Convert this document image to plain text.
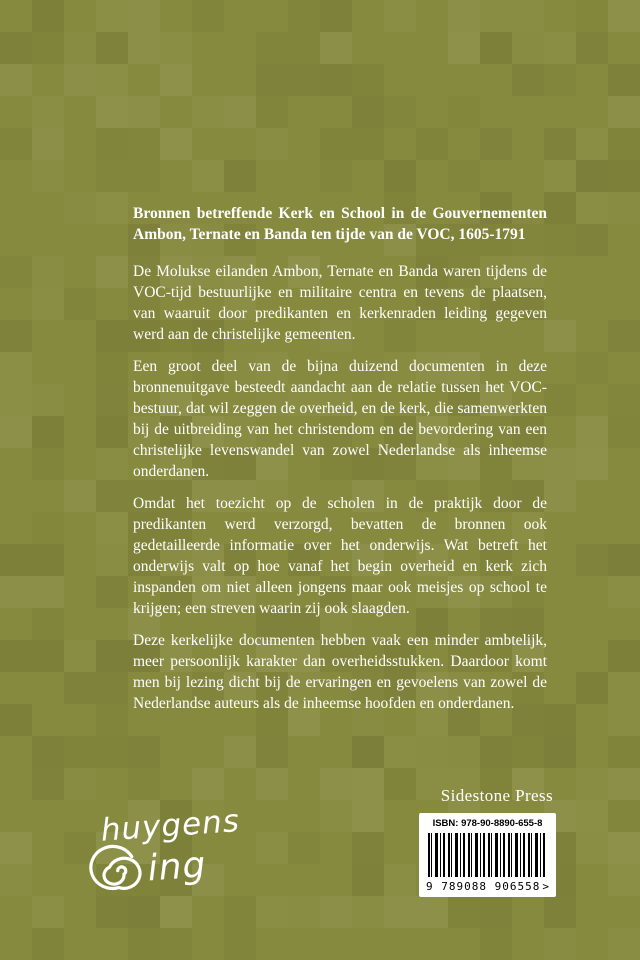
Bronnen betreffende Kerk en School in de Gouvernementen Ambon, Ternate en Banda ten tijde van de VOC, 1605-1791

De Molukse eilanden Ambon, Ternate en Banda waren tijdens de VOC-tijd bestuurlijke en militaire centra en tevens de plaatsen, van waaruit door predikanten en kerkenraden leiding gegeven werd aan de christelijke gemeenten.

Een groot deel van de bijna duizend documenten in deze bronnenuitgave besteedt aandacht aan de relatie tussen het VOC-bestuur, dat wil zeggen de overheid, en de kerk, die samenwerkten bij de uitbreiding van het christendom en de bevordering van een christelijke levenswandel van zowel Nederlandse als inheemse onderdanen.

Omdat het toezicht op de scholen in de praktijk door de predikanten werd verzorgd, bevatten de bronnen ook gedetailleerde informatie over het onderwijs. Wat betreft het onderwijs valt op hoe vanaf het begin overheid en kerk zich inspanden om niet alleen jongens maar ook meisjes op school te krijgen; een streven waarin zij ook slaagden.

Deze kerkelijke documenten hebben vaak een minder ambtelijk, meer persoonlijk karakter dan overheidsstukken. Daardoor komt men bij lezing dicht bij de ervaringen en gevoelens van zowel de Nederlandse auteurs als de inheemse hoofden en onderdanen.

Sidestone Press
ISBN: 978-90-8890-655-8
9 789088 906558 >
huygens
ing
